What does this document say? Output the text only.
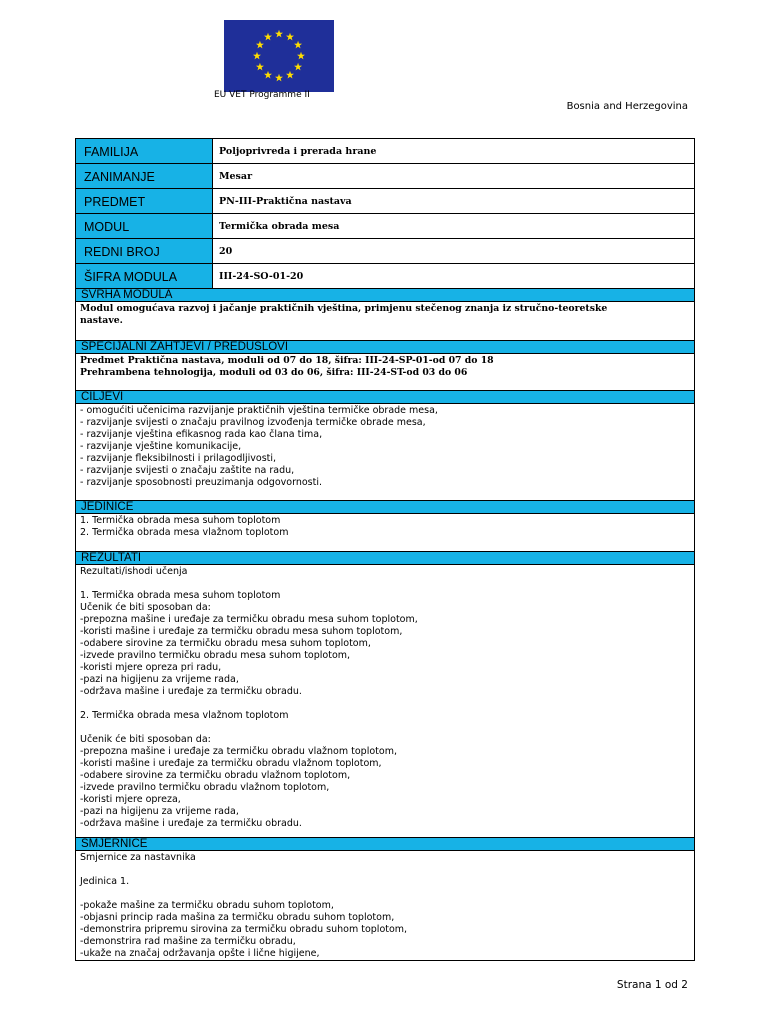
EU VET Programme II
Bosnia and Herzegovina
FAMILIJA	Poljoprivreda i prerada hrane
ZANIMANJE	Mesar
PREDMET	PN-III-Praktična nastava
MODUL	Termička obrada mesa
REDNI BROJ	20
ŠIFRA MODULA	III-24-SO-01-20
SVRHA MODULA
Modul omogućava razvoj i jačanje praktičnih vještina, primjenu stečenog znanja iz stručno-teoretske
nastave.
SPECIJALNI ZAHTJEVI / PREDUSLOVI
Predmet Praktična nastava, moduli od 07 do 18, šifra: III-24-SP-01-od 07 do 18
Prehrambena tehnologija, moduli od 03 do 06, šifra: III-24-ST-od 03 do 06
CILJEVI
- omogućiti učenicima razvijanje praktičnih vještina termičke obrade mesa,
- razvijanje svijesti o značaju pravilnog izvođenja termičke obrade mesa,
- razvijanje vještina efikasnog rada kao člana tima,
- razvijanje vještine komunikacije,
- razvijanje fleksibilnosti i prilagodljivosti,
- razvijanje svijesti o značaju zaštite na radu,
- razvijanje sposobnosti preuzimanja odgovornosti.
JEDINICE
1. Termička obrada mesa suhom toplotom
2. Termička obrada mesa vlažnom toplotom
REZULTATI
Rezultati/ishodi učenja
1. Termička obrada mesa suhom toplotom
Učenik će biti sposoban da:
-prepozna mašine i uređaje za termičku obradu mesa suhom toplotom,
-koristi mašine i uređaje za termičku obradu mesa suhom toplotom,
-odabere sirovine za termičku obradu mesa suhom toplotom,
-izvede pravilno termičku obradu mesa suhom toplotom,
-koristi mjere opreza pri radu,
-pazi na higijenu za vrijeme rada,
-održava mašine i uređaje za termičku obradu.
2. Termička obrada mesa vlažnom toplotom
Učenik će biti sposoban da:
-prepozna mašine i uređaje za termičku obradu vlažnom toplotom,
-koristi mašine i uređaje za termičku obradu vlažnom toplotom,
-odabere sirovine za termičku obradu vlažnom toplotom,
-izvede pravilno termičku obradu vlažnom toplotom,
-koristi mjere opreza,
-pazi na higijenu za vrijeme rada,
-održava mašine i uređaje za termičku obradu.
SMJERNICE
Smjernice za nastavnika
Jedinica 1.
-pokaže mašine za termičku obradu suhom toplotom,
-objasni princip rada mašina za termičku obradu suhom toplotom,
-demonstrira pripremu sirovina za termičku obradu suhom toplotom,
-demonstrira rad mašine za termičku obradu,
-ukaže na značaj održavanja opšte i lične higijene,
Strana 1 od 2
